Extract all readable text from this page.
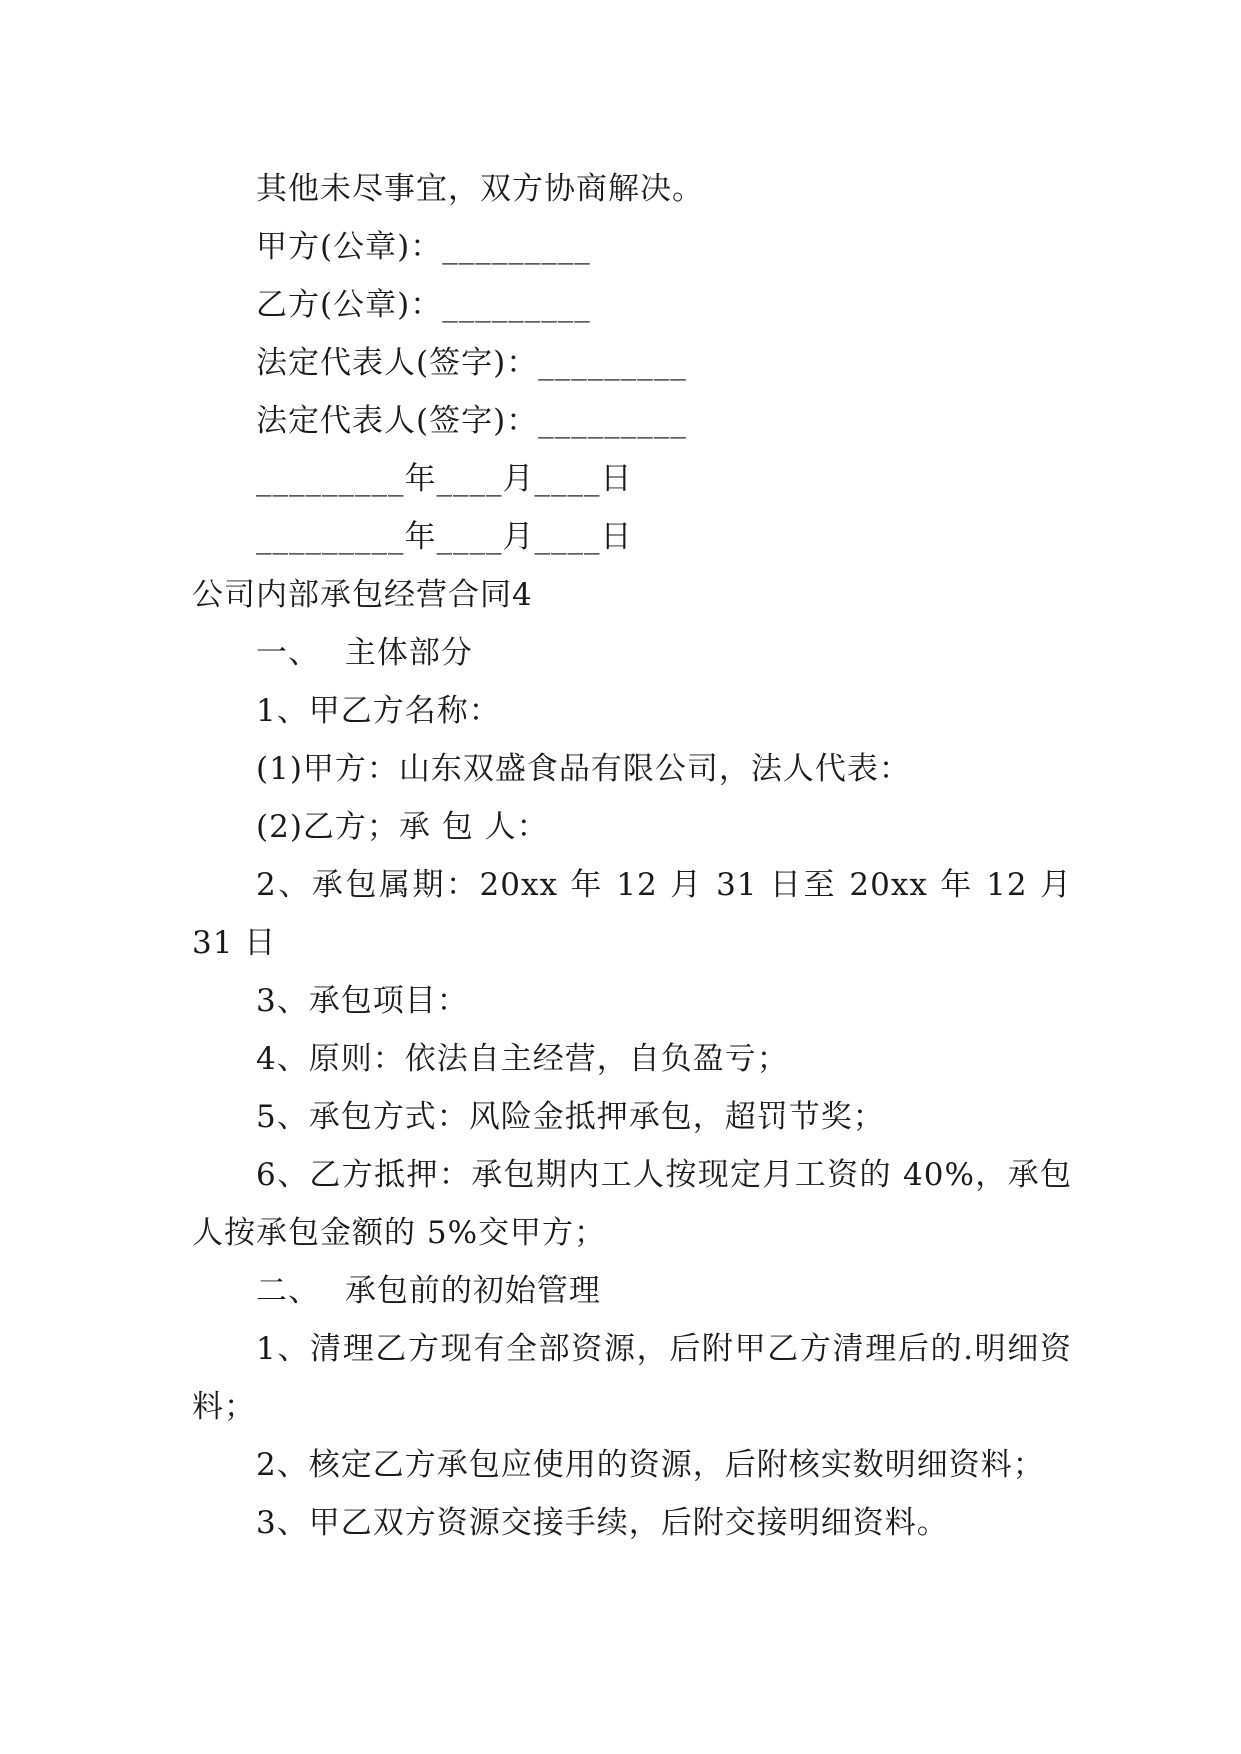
其他未尽事宜，双方协商解决。
甲方(公章)：_________
乙方(公章)：_________
法定代表人(签字)：_________
法定代表人(签字)：_________
_________年____月____日
_________年____月____日
公司内部承包经营合同4
一、 主体部分
1、甲乙方名称：
(1)甲方：山东双盛食品有限公司，法人代表：
(2)乙方；承 包 人：
2、承包属期：20xx 年 12 月 31 日至 20xx 年 12 月 31 日
3、承包项目：
4、原则：依法自主经营，自负盈亏；
5、承包方式：风险金抵押承包，超罚节奖；
6、乙方抵押：承包期内工人按现定月工资的 40%，承包人按承包金额的 5%交甲方；
二、 承包前的初始管理
1、清理乙方现有全部资源，后附甲乙方清理后的.明细资料；
2、核定乙方承包应使用的资源，后附核实数明细资料；
3、甲乙双方资源交接手续，后附交接明细资料。
